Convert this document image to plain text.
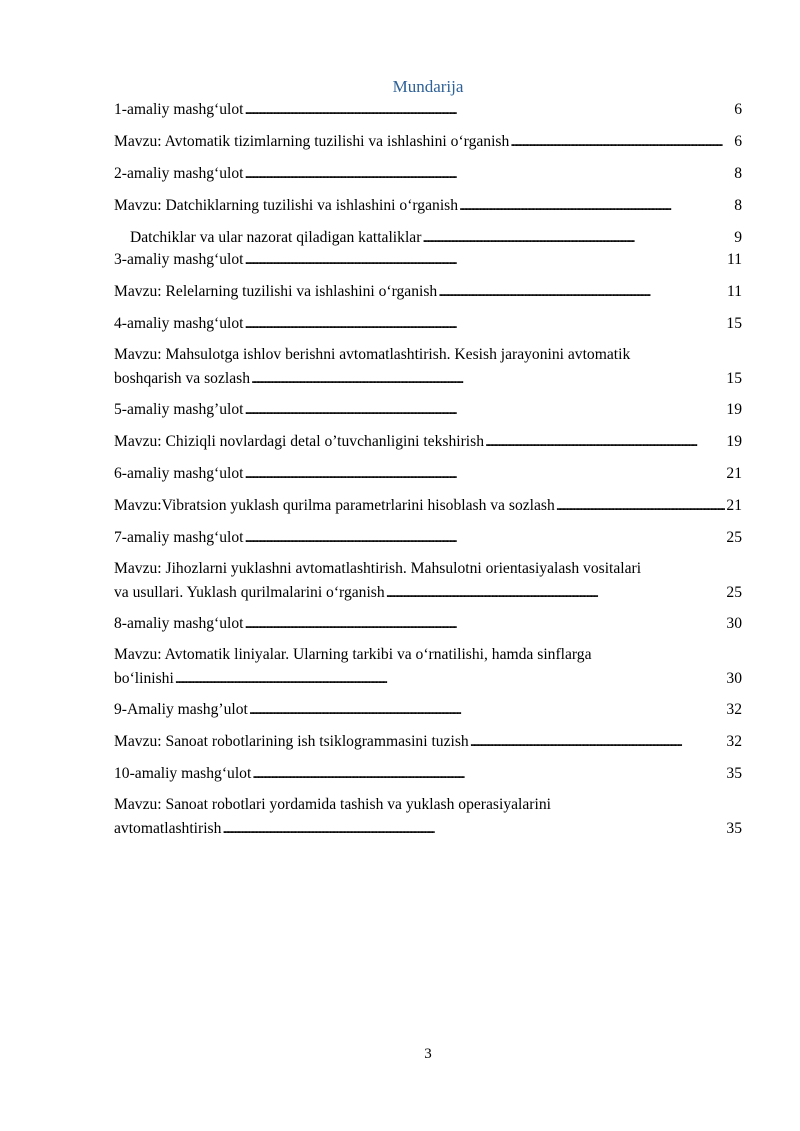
Mundarija
1-amaliy mashg‘ulot . . .	6
Mavzu: Avtomatik tizimlarning tuzilishi va ishlashini o‘rganish . . .	6
2-amaliy mashg‘ulot . . .	8
Mavzu: Datchiklarning tuzilishi va ishlashini o‘rganish . . .	8
Datchiklar va ular nazorat qiladigan kattaliklar . . .	9
3-amaliy mashg‘ulot . . .	11
Mavzu: Relelarning tuzilishi va ishlashini o‘rganish . . .	11
4-amaliy mashg‘ulot . . .	15
Mavzu: Mahsulotga ishlov berishni avtomatlashtirish. Kesish jarayonini avtomatik
boshqarish va sozlash . . .	15
5-amaliy mashg’ulot . . .	19
Mavzu: Chiziqli novlardagi detal o’tuvchanligini tekshirish . . .	19
6-amaliy mashg‘ulot . . .	21
Mavzu:Vibratsion yuklash qurilma parametrlarini hisoblash va sozlash . . .	21
7-amaliy mashg‘ulot . . .	25
Mavzu: Jihozlarni yuklashni avtomatlashtirish. Mahsulotni orientasiyalash vositalari
va usullari. Yuklash qurilmalarini o‘rganish . . .	25
8-amaliy mashg‘ulot . . .	30
Mavzu: Avtomatik liniyalar. Ularning tarkibi va o‘rnatilishi, hamda sinflarga
bo‘linishi . . .	30
9-Amaliy mashg’ulot . . .	32
Mavzu: Sanoat robotlarining ish tsiklogrammasini tuzish . . .	32
10-amaliy mashg‘ulot . . .	35
Mavzu: Sanoat robotlari yordamida tashish va yuklash operasiyalarini
avtomatlashtirish . . .	35
3
